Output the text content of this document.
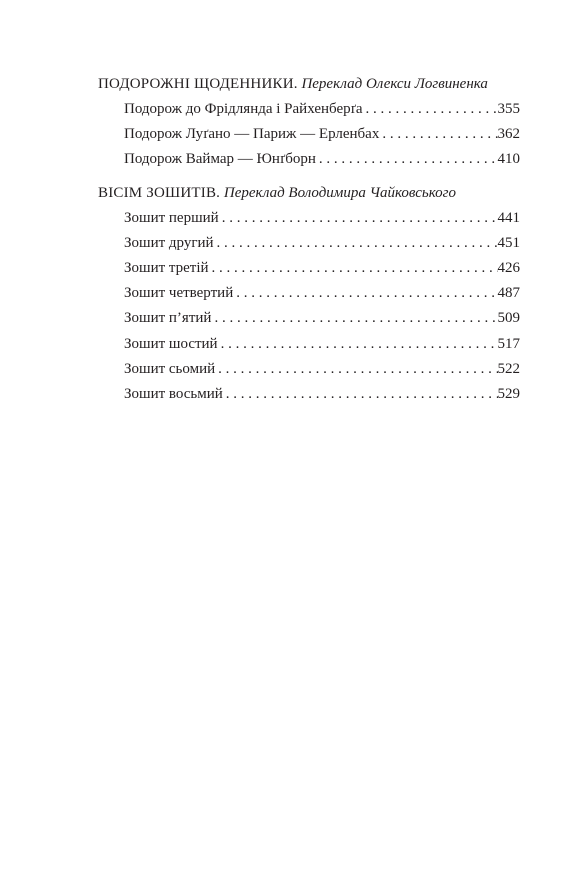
ПОДОРОЖНІ ЩОДЕННИКИ. Переклад Олекси Логвиненка
Подорож до Фрідлянда і Райхенберґа . . .	355
Подорож Луґано — Париж — Ерленбах . . .	362
Подорож Ваймар — Юнґборн . . .	410
ВІСІМ ЗОШИТІВ. Переклад Володимира Чайковського
Зошит перший . . .	441
Зошит другий . . .	451
Зошит третій . . .	426
Зошит четвертий . . .	487
Зошит п’ятий . . .	509
Зошит шостий . . .	517
Зошит сьомий . . .	522
Зошит восьмий . . .	529
